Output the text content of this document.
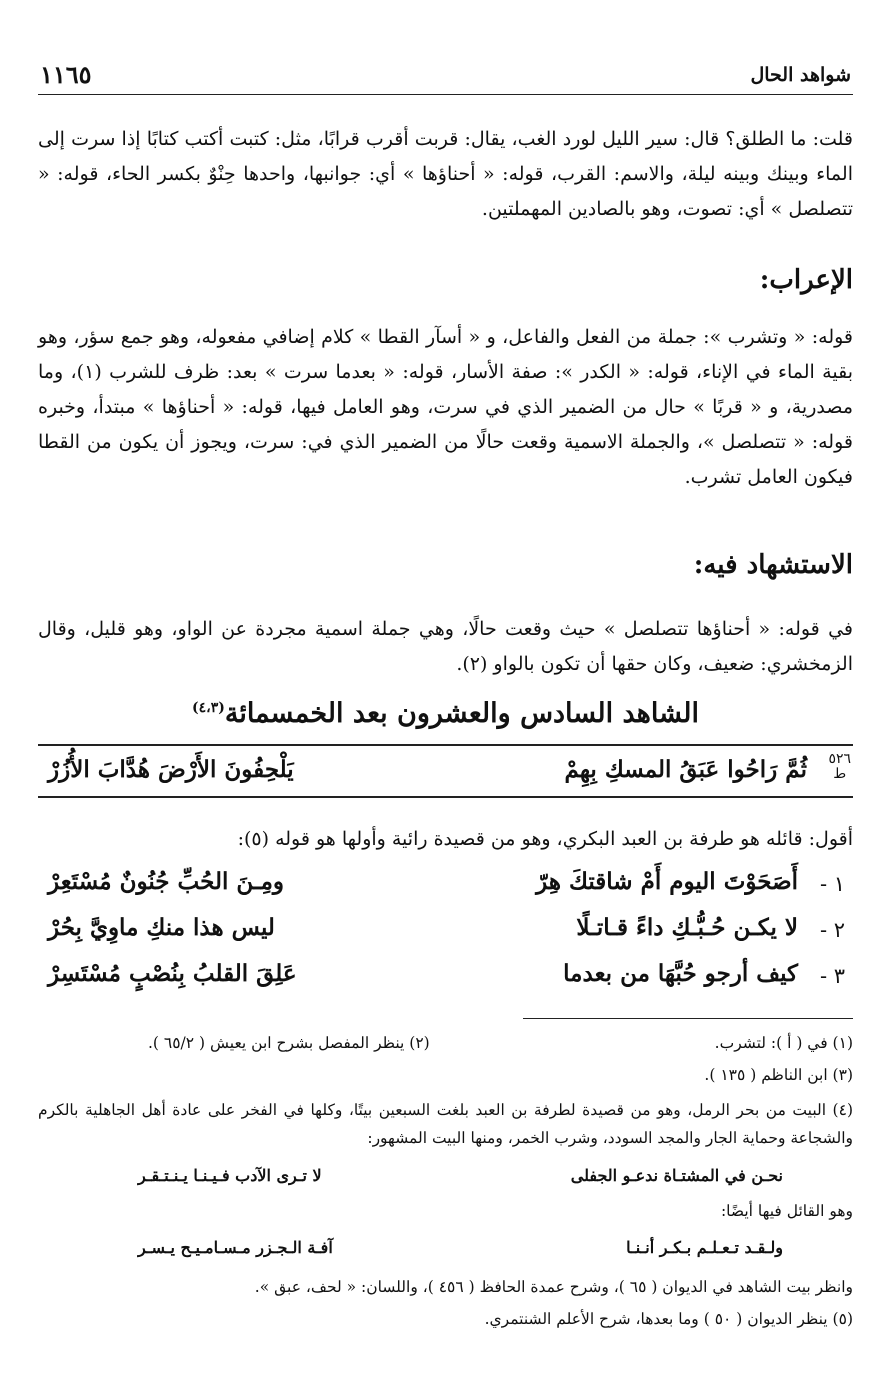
شواهد الحال
١١٦٥

قلت: ما الطلق؟ قال: سير الليل لورد الغب، يقال: قربت أقرب قرابًا، مثل: كتبت أكتب كتابًا إذا سرت إلى الماء وبينك وبينه ليلة، والاسم: القرب، قوله: « أحناؤها » أي: جوانبها، واحدها حِنْوٌ بكسر الحاء، قوله: « تتصلصل » أي: تصوت، وهو بالصادين المهملتين.

الإعراب:

قوله: « وتشرب »: جملة من الفعل والفاعل، و « أسآر القطا » كلام إضافي مفعوله، وهو جمع سؤر، وهو بقية الماء في الإناء، قوله: « الكدر »: صفة الأسار، قوله: « بعدما سرت » بعد: ظرف للشرب (١)، وما مصدرية، و « قربًا » حال من الضمير الذي في سرت، وهو العامل فيها، قوله: « أحناؤها » مبتدأ، وخبره قوله: « تتصلصل »، والجملة الاسمية وقعت حالًا من الضمير الذي في: سرت، ويجوز أن يكون من القطا فيكون العامل تشرب.

الاستشهاد فيه:

في قوله: « أحناؤها تتصلصل » حيث وقعت حالًا، وهي جملة اسمية مجردة عن الواو، وهو قليل، وقال الزمخشري: ضعيف، وكان حقها أن تكون بالواو (٢).

الشاهد السادس والعشرون بعد الخمسمائة$^{(٤،٣)}$
٥٢٦
ط
ثُمَّ رَاحُوا عَبَقُ المسكِ بِهِمْ
يَلْحِفُونَ الأَرْضَ هُدَّابَ الأُزُرْ

أقول: قائله هو طرفة بن العبد البكري، وهو من قصيدة رائية وأولها هو قوله (٥):

١ -
أَصَحَوْتَ اليوم أَمْ شاقتكَ هِرّ
ومِـنَ الحُبِّ جُنُونٌ مُسْتَعِرْ
٢ -
لا يكـن حُـبُّـكِ داءً قـاتـلًا
ليس هذا منكِ ماوِيَّ بِحُرْ
٣ -
كيف أرجو حُبَّهَا من بعدما
عَلِقَ القلبُ بِنُصْبٍ مُسْتَسِرْ
(١) في ( أ ): لتشرب.
(٢) ينظر المفصل بشرح ابن يعيش ( ٦٥/٢ ).
(٣) ابن الناظم ( ١٣٥ ).
(٤) البيت من بحر الرمل، وهو من قصيدة لطرفة بن العبد بلغت السبعين بيتًا، وكلها في الفخر على عادة أهل الجاهلية بالكرم والشجاعة وحماية الجار والمجد السودد، وشرب الخمر، ومنها البيت المشهور:
نحـن في المشتـاة ندعـو الجفلى
لا تـرى الآدب فـيـنـا يـنـتـقـر
وهو القائل فيها أيضًا:
ولـقـد تـعـلـم بـكـر أنـنـا
آفـة الـجـزر مـسـامـيـح يـسـر
وانظر بيت الشاهد في الديوان ( ٦٥ )، وشرح عمدة الحافظ ( ٤٥٦ )، واللسان: « لحف، عبق ».
(٥) ينظر الديوان ( ٥٠ ) وما بعدها، شرح الأعلم الشنتمري.
